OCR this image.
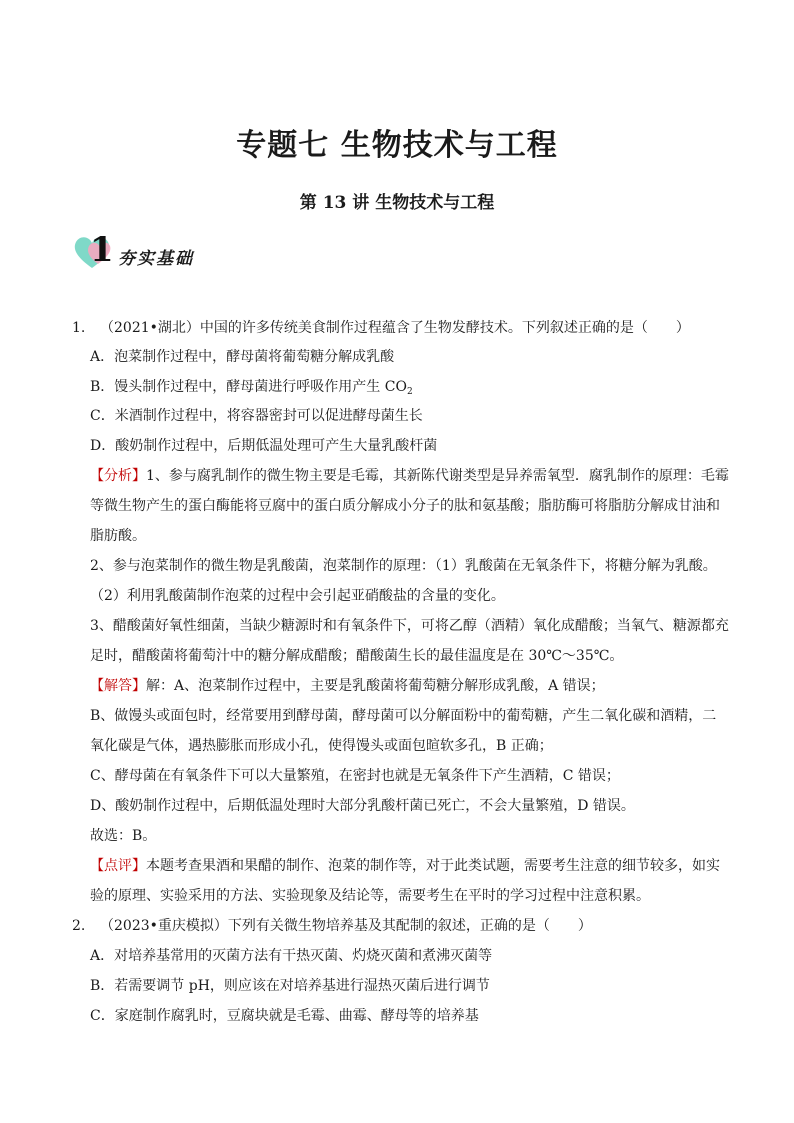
专题七 生物技术与工程
第 13 讲 生物技术与工程
1 夯实基础
1. （2021•湖北）中国的许多传统美食制作过程蕴含了生物发酵技术。下列叙述正确的是（　　）
A．泡菜制作过程中，酵母菌将葡萄糖分解成乳酸
B．馒头制作过程中，酵母菌进行呼吸作用产生 $CO_2$
C．米酒制作过程中，将容器密封可以促进酵母菌生长
D．酸奶制作过程中，后期低温处理可产生大量乳酸杆菌
【分析】1、参与腐乳制作的微生物主要是毛霉，其新陈代谢类型是异养需氧型．腐乳制作的原理：毛霉
等微生物产生的蛋白酶能将豆腐中的蛋白质分解成小分子的肽和氨基酸；脂肪酶可将脂肪分解成甘油和
脂肪酸。
2、参与泡菜制作的微生物是乳酸菌，泡菜制作的原理：（1）乳酸菌在无氧条件下，将糖分解为乳酸。
（2）利用乳酸菌制作泡菜的过程中会引起亚硝酸盐的含量的变化。
3、醋酸菌好氧性细菌，当缺少糖源时和有氧条件下，可将乙醇（酒精）氧化成醋酸；当氧气、糖源都充
足时，醋酸菌将葡萄汁中的糖分解成醋酸；醋酸菌生长的最佳温度是在 30℃～35℃。
【解答】解：A、泡菜制作过程中，主要是乳酸菌将葡萄糖分解形成乳酸，A 错误；
B、做馒头或面包时，经常要用到酵母菌，酵母菌可以分解面粉中的葡萄糖，产生二氧化碳和酒精，二
氧化碳是气体，遇热膨胀而形成小孔，使得馒头或面包暄软多孔，B 正确；
C、酵母菌在有氧条件下可以大量繁殖，在密封也就是无氧条件下产生酒精，C 错误；
D、酸奶制作过程中，后期低温处理时大部分乳酸杆菌已死亡，不会大量繁殖，D 错误。
故选：B。
【点评】本题考查果酒和果醋的制作、泡菜的制作等，对于此类试题，需要考生注意的细节较多，如实
验的原理、实验采用的方法、实验现象及结论等，需要考生在平时的学习过程中注意积累。
2. （2023•重庆模拟）下列有关微生物培养基及其配制的叙述，正确的是（　　）
A．对培养基常用的灭菌方法有干热灭菌、灼烧灭菌和煮沸灭菌等
B．若需要调节 pH，则应该在对培养基进行湿热灭菌后进行调节
C．家庭制作腐乳时，豆腐块就是毛霉、曲霉、酵母等的培养基
